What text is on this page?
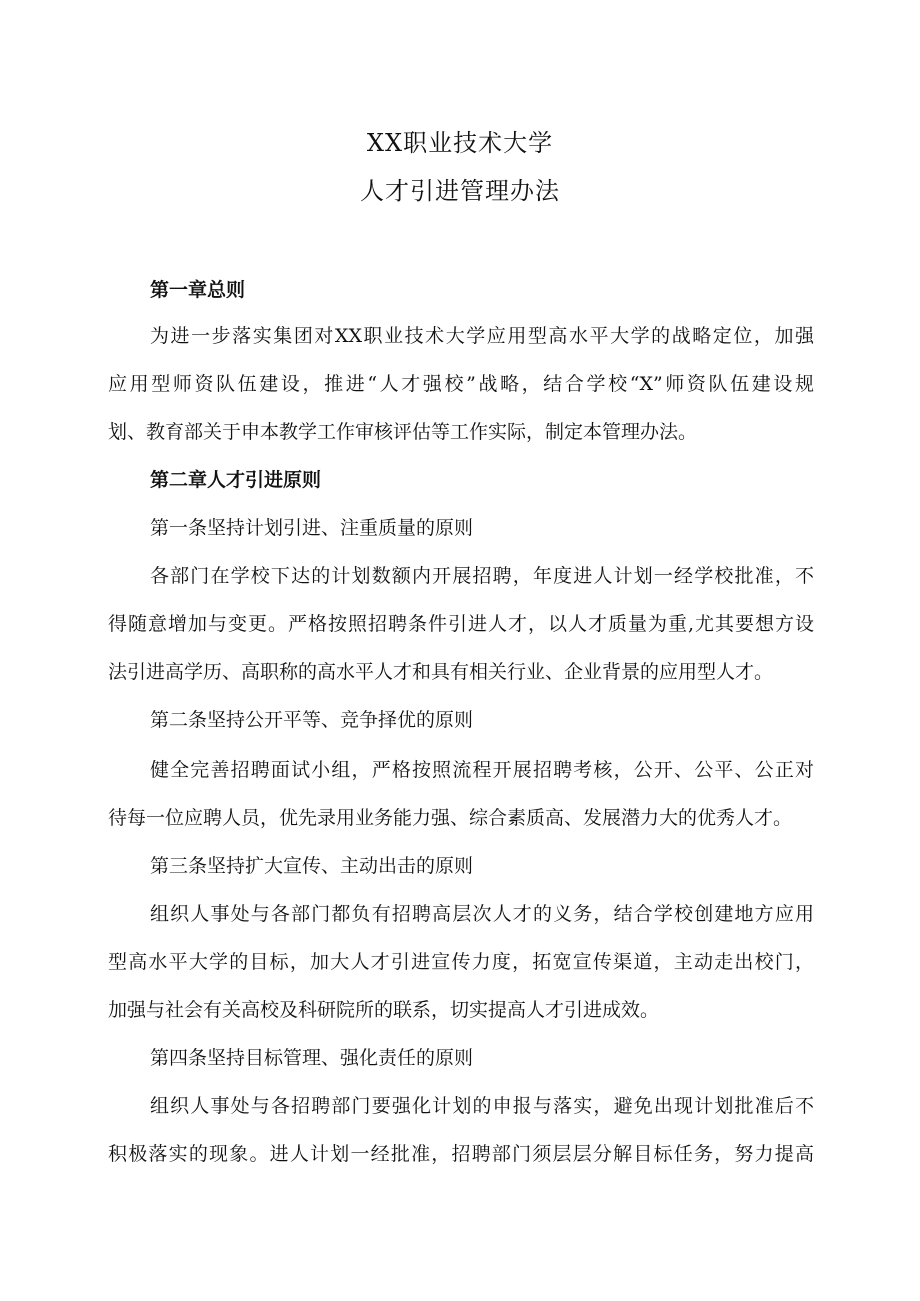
XX职业技术大学
人才引进管理办法
第一章总则
为进一步落实集团对XX职业技术大学应用型高水平大学的战略定位，加强
应用型师资队伍建设，推进“人才强校”战略，结合学校“X”师资队伍建设规
划、教育部关于申本教学工作审核评估等工作实际，制定本管理办法。
第二章人才引进原则
第一条坚持计划引进、注重质量的原则
各部门在学校下达的计划数额内开展招聘，年度进人计划一经学校批准，不
得随意增加与变更。严格按照招聘条件引进人才，以人才质量为重,尤其要想方设
法引进高学历、高职称的高水平人才和具有相关行业、企业背景的应用型人才。
第二条坚持公开平等、竞争择优的原则
健全完善招聘面试小组，严格按照流程开展招聘考核，公开、公平、公正对
待每一位应聘人员，优先录用业务能力强、综合素质高、发展潜力大的优秀人才。
第三条坚持扩大宣传、主动出击的原则
组织人事处与各部门都负有招聘高层次人才的义务，结合学校创建地方应用
型高水平大学的目标，加大人才引进宣传力度，拓宽宣传渠道，主动走出校门，
加强与社会有关高校及科研院所的联系，切实提高人才引进成效。
第四条坚持目标管理、强化责任的原则
组织人事处与各招聘部门要强化计划的申报与落实，避免出现计划批准后不
积极落实的现象。进人计划一经批准，招聘部门须层层分解目标任务，努力提高
